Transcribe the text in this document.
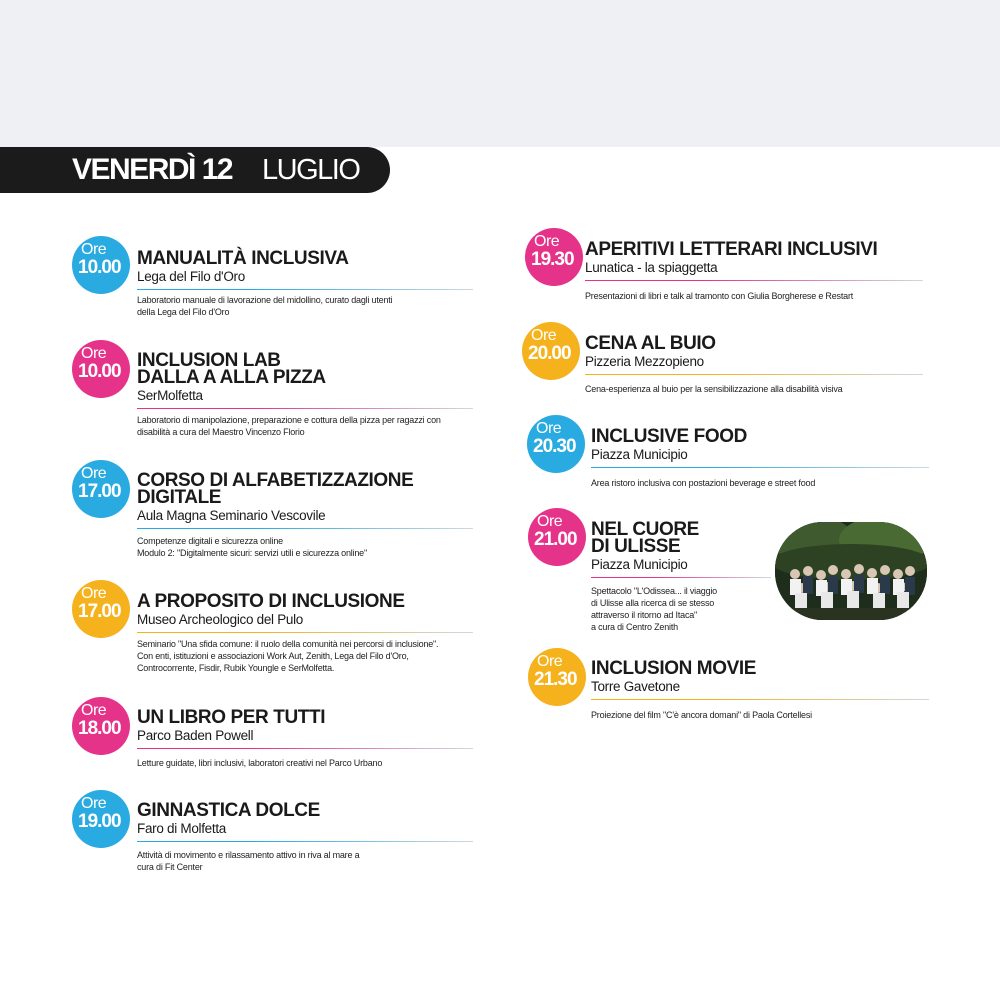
VENERDÌ 12 LUGLIO
Ore
10.00 MANUALITÀ INCLUSIVA
Lega del Filo d'Oro
Laboratorio manuale di lavorazione del midollino, curato dagli utenti
della Lega del Filo d'Oro
Ore
10.00
INCLUSION LAB
DALLA A ALLA PIZZA
SerMolfetta
Laboratorio di manipolazione, preparazione e cottura della pizza per ragazzi con
disabilità a cura del Maestro Vincenzo Florio
Ore
17.00
CORSO DI ALFABETIZZAZIONE
DIGITALE
Aula Magna Seminario Vescovile
Competenze digitali e sicurezza online
Modulo 2: "Digitalmente sicuri: servizi utili e sicurezza online"
Ore
17.00 A PROPOSITO DI INCLUSIONE
Museo Archeologico del Pulo
Seminario "Una sfida comune: il ruolo della comunità nei percorsi di inclusione".
Con enti, istituzioni e associazioni Work Aut, Zenith, Lega del Filo d'Oro,
Controcorrente, Fisdir, Rubik Youngle e SerMolfetta.
Ore
18.00
UN LIBRO PER TUTTI
Parco Baden Powell
Letture guidate, libri inclusivi, laboratori creativi nel Parco Urbano
Ore
19.00
GINNASTICA DOLCE
Faro di Molfetta
Attività di movimento e rilassamento attivo in riva al mare a
cura di Fit Center
Ore
19.30 APERITIVI LETTERARI INCLUSIVI
Lunatica - la spiaggetta
Presentazioni di libri e talk al tramonto con Giulia Borgherese e Restart
Ore
20.00 CENA AL BUIO
Pizzeria Mezzopieno
Cena-esperienza al buio per la sensibilizzazione alla disabilità visiva
Ore
20.30 INCLUSIVE FOOD
Piazza Municipio
Area ristoro inclusiva con postazioni beverage e street food
Ore
21.00 NEL CUORE
DI ULISSE
Piazza Municipio
Spettacolo "L'Odissea... il viaggio
di Ulisse alla ricerca di se stesso
attraverso il ritorno ad Itaca"
a cura di Centro Zenith
Ore
21.30
INCLUSION MOVIE
Torre Gavetone
Proiezione del film "C'è ancora domani" di Paola Cortellesi
